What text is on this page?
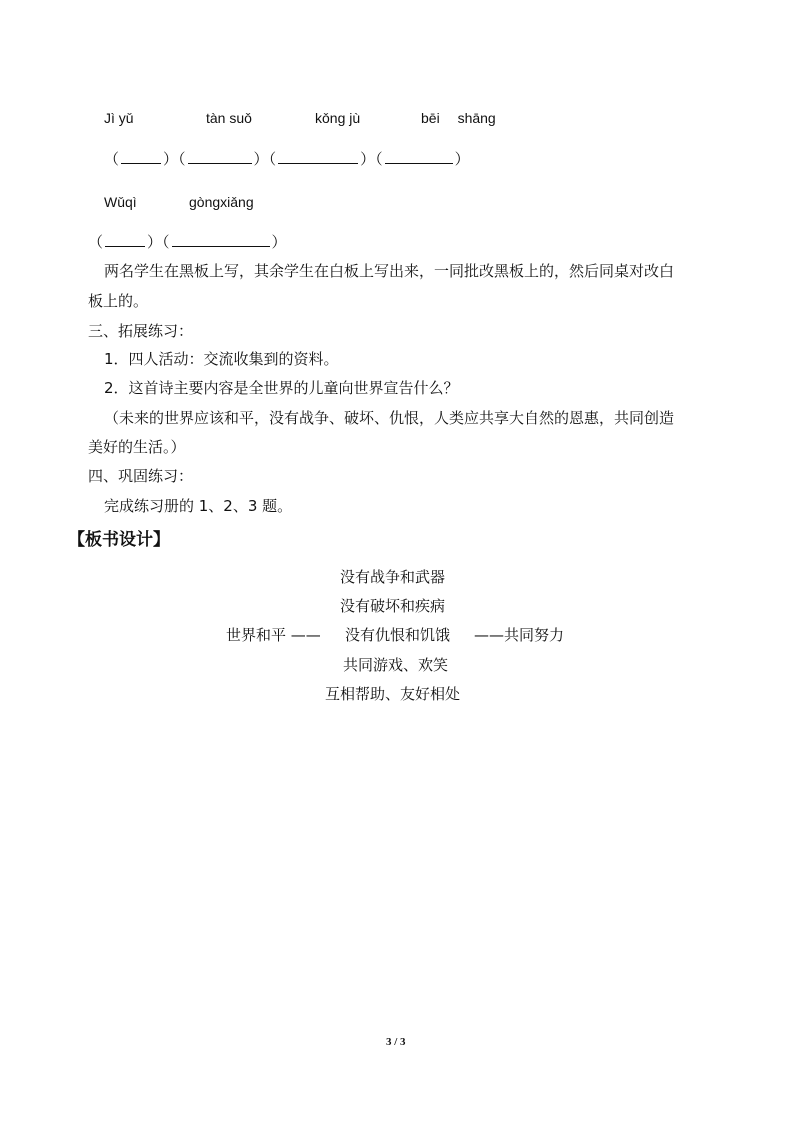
Jì yǔ	tàn suǒ	kǒng jù	bēi shāng
（	）（	）（	）（	）
Wǔqì	gòngxiǎng
（	）（	）
两名学生在黑板上写，其余学生在白板上写出来，一同批改黑板上的，然后同桌对改白
板上的。
三、拓展练习：
1．四人活动：交流收集到的资料。
2．这首诗主要内容是全世界的儿童向世界宣告什么？
（未来的世界应该和平，没有战争、破坏、仇恨，人类应共享大自然的恩惠，共同创造
美好的生活。）
四、巩固练习：
完成练习册的 1、2、3 题。
【板书设计】
没有战争和武器
没有破坏和疾病
世界和平 —— 没有仇恨和饥饿 ——共同努力
共同游戏、欢笑
互相帮助、友好相处
3 / 3
